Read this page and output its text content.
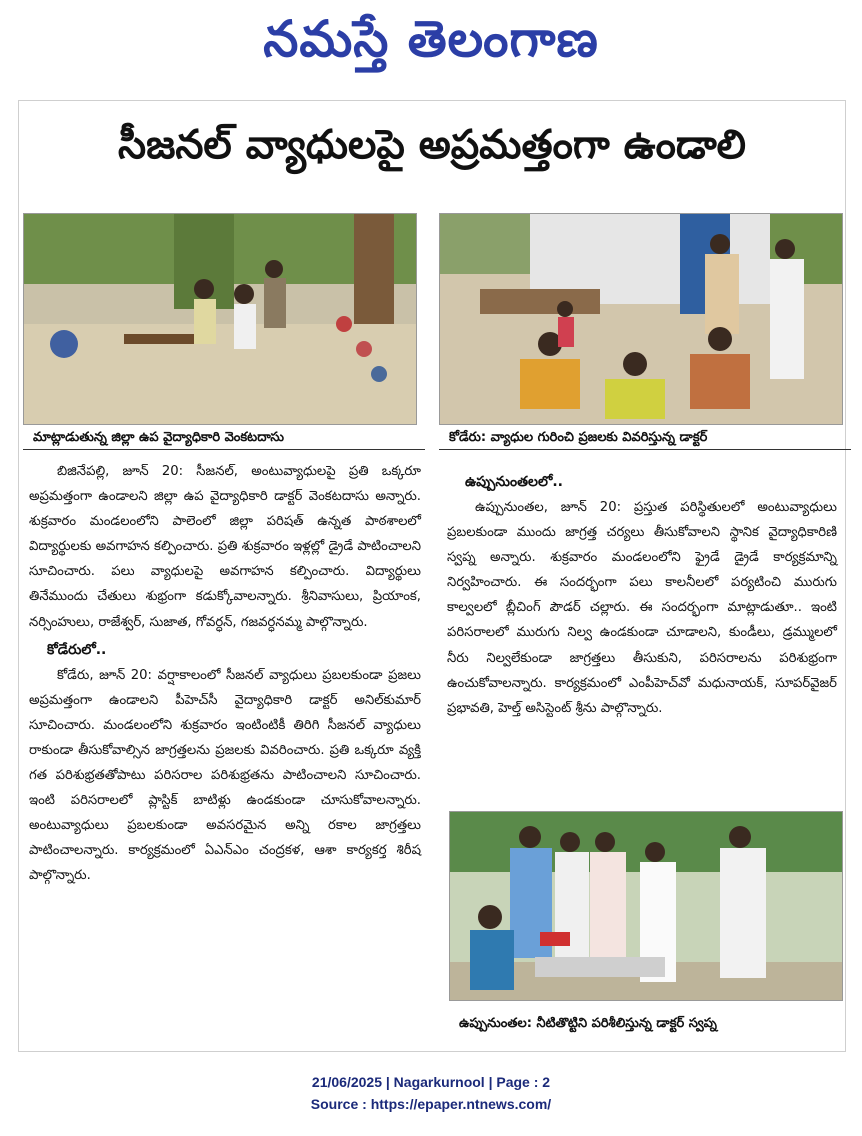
నమస్తే తెలంగాణ
సీజనల్ వ్యాధులపై అప్రమత్తంగా ఉండాలి
మాట్లాడుతున్న జిల్లా ఉప వైద్యాధికారి వెంకటదాసు	కోడేరు: వ్యాధుల గురించి ప్రజలకు వివరిస్తున్న డాక్టర్

బిజినేపల్లి, జూన్ 20: సీజనల్, అంటువ్యాధులపై ప్రతి ఒక్కరూ అప్రమత్తంగా ఉండాలని జిల్లా ఉప వైద్యాధికారి డాక్టర్ వెంకటదాసు అన్నారు. శుక్రవారం మండలంలోని పాలెంలో జిల్లా పరిషత్ ఉన్నత పాఠశాలలో విద్యార్థులకు అవగాహన కల్పించారు. ప్రతి శుక్రవారం ఇళ్లల్లో డ్రైడే పాటించాలని సూచించారు. పలు వ్యాధులపై అవగాహన కల్పించారు. విద్యార్థులు తినేముందు చేతులు శుభ్రంగా కడుక్కోవాలన్నారు. శ్రీనివాసులు, ప్రియాంక, నర్సింహులు, రాజేశ్వర్, సుజాత, గోవర్ధన్, గజవర్ధనమ్మ పాల్గొన్నారు.

కోడేరులో..

కోడేరు, జూన్ 20: వర్షాకాలంలో సీజనల్ వ్యాధులు ప్రబలకుండా ప్రజలు అప్రమత్తంగా ఉండాలని పీహెచ్‌సీ వైద్యాధికారి డాక్టర్ అనిల్‌కుమార్ సూచించారు. మండలంలోని శుక్రవారం ఇంటింటికీ తిరిగి సీజనల్ వ్యాధులు రాకుండా తీసుకోవాల్సిన జాగ్రత్తలను ప్రజలకు వివరించారు. ప్రతి ఒక్కరూ వ్యక్తి గత పరిశుభ్రతతోపాటు పరిసరాల పరిశుభ్రతను పాటించాలని సూచించారు. ఇంటి పరిసరాలలో ప్లాస్టిక్ బాటిళ్లు ఉండకుండా చూసుకోవాలన్నారు. అంటువ్యాధులు ప్రబలకుండా అవసరమైన అన్ని రకాల జాగ్రత్తలు పాటించాలన్నారు. కార్యక్రమంలో ఏఎన్‌ఎం చంద్రకళ, ఆశా కార్యకర్త శిరీష పాల్గొన్నారు.

ఉప్పునుంతలలో..

ఉప్పునుంతల, జూన్ 20: ప్రస్తుత పరిస్థితులలో అంటువ్యాధులు ప్రబలకుండా ముందు జాగ్రత్త చర్యలు తీసుకోవాలని స్థానిక వైద్యాధికారిణి స్వప్న అన్నారు. శుక్రవారం మండలంలోని ఫ్రైడే డ్రైడే కార్యక్రమాన్ని నిర్వహించారు. ఈ సందర్భంగా పలు కాలనీలలో పర్యటించి మురుగు కాల్వలలో బ్లీచింగ్ పౌడర్ చల్లారు. ఈ సందర్భంగా మాట్లాడుతూ.. ఇంటి పరిసరాలలో మురుగు నిల్వ ఉండకుండా చూడాలని, కుండీలు, డ్రమ్ములలో నీరు నిల్వలేకుండా జాగ్రత్తలు తీసుకుని, పరిసరాలను పరిశుభ్రంగా ఉంచుకోవాలన్నారు. కార్యక్రమంలో ఎంపీహెచ్‌వో మధునాయక్, సూపర్‌వైజర్ ప్రభావతి, హెల్త్ అసిస్టెంట్ శ్రీను పాల్గొన్నారు.

ఉప్పునుంతల: నీటితొట్టిని పరిశీలిస్తున్న డాక్టర్ స్వప్న
21/06/2025 | Nagarkurnool | Page : 2
Source : https://epaper.ntnews.com/
